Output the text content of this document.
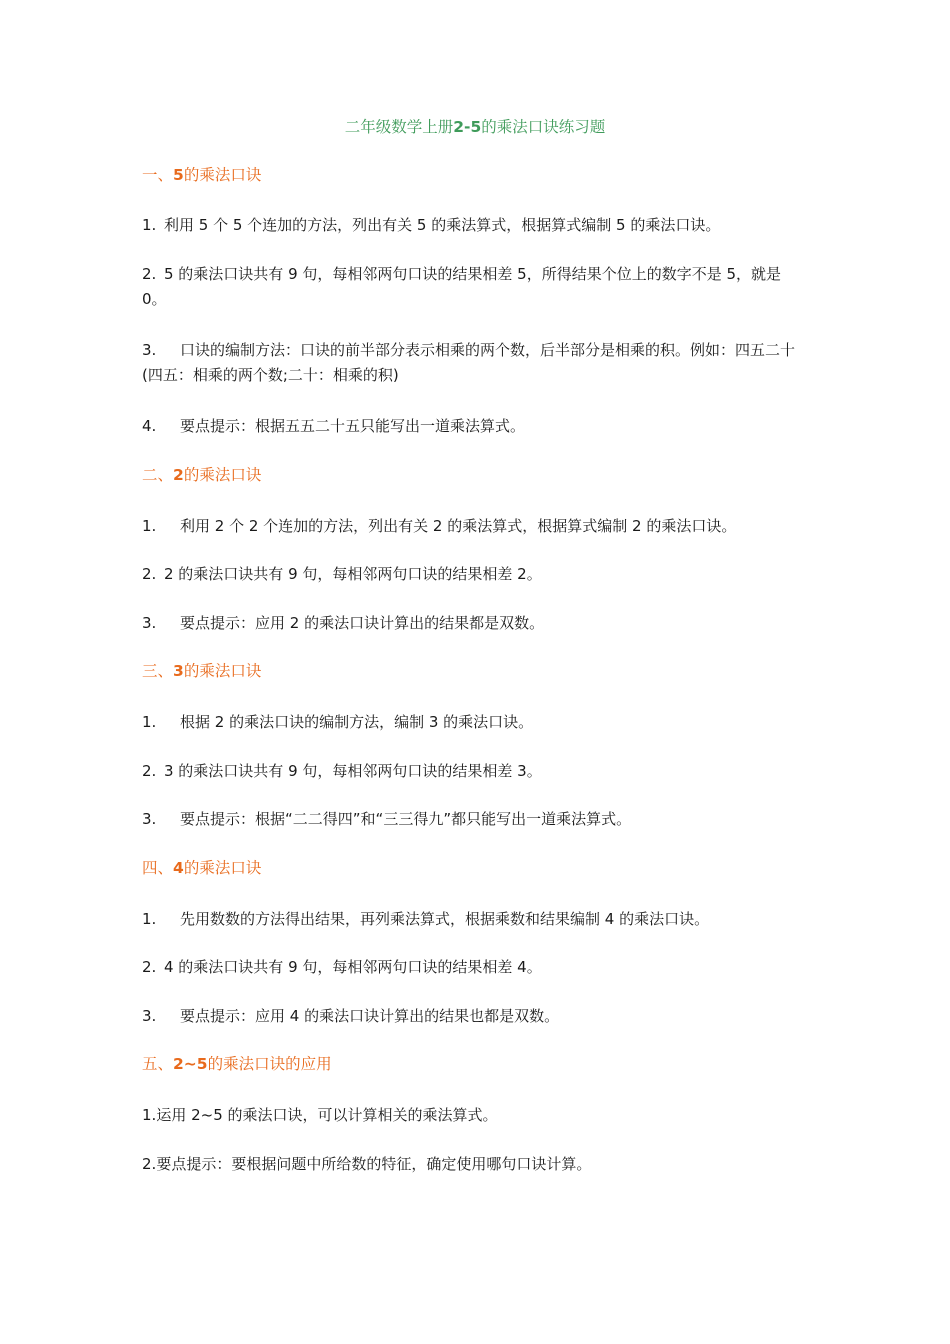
二年级数学上册2-5的乘法口诀练习题
一、5的乘法口诀

1. 利用 5 个 5 个连加的方法，列出有关 5 的乘法算式，根据算式编制 5 的乘法口诀。

2. 5 的乘法口诀共有 9 句，每相邻两句口诀的结果相差 5，所得结果个位上的数字不是 5，就是 0。

3. 口诀的编制方法：口诀的前半部分表示相乘的两个数，后半部分是相乘的积。例如：四五二十 (四五：相乘的两个数;二十：相乘的积)

4. 要点提示：根据五五二十五只能写出一道乘法算式。

二、2的乘法口诀

1. 利用 2 个 2 个连加的方法，列出有关 2 的乘法算式，根据算式编制 2 的乘法口诀。

2. 2 的乘法口诀共有 9 句，每相邻两句口诀的结果相差 2。

3. 要点提示：应用 2 的乘法口诀计算出的结果都是双数。

三、3的乘法口诀

1. 根据 2 的乘法口诀的编制方法，编制 3 的乘法口诀。

2. 3 的乘法口诀共有 9 句，每相邻两句口诀的结果相差 3。

3. 要点提示：根据“二二得四”和“三三得九”都只能写出一道乘法算式。

四、4的乘法口诀

1. 先用数数的方法得出结果，再列乘法算式，根据乘数和结果编制 4 的乘法口诀。

2. 4 的乘法口诀共有 9 句，每相邻两句口诀的结果相差 4。

3. 要点提示：应用 4 的乘法口诀计算出的结果也都是双数。

五、2~5的乘法口诀的应用

1.运用 2~5 的乘法口诀，可以计算相关的乘法算式。

2.要点提示：要根据问题中所给数的特征，确定使用哪句口诀计算。
